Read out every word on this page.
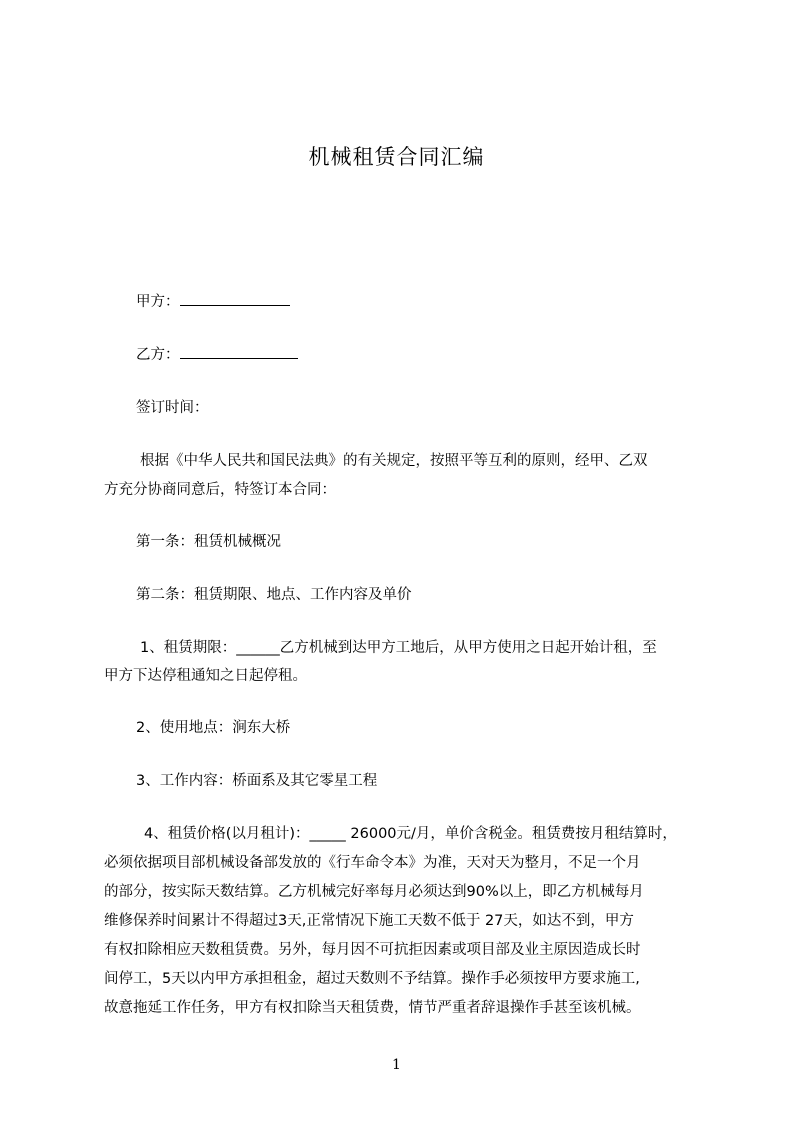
机械租赁合同汇编
甲方：
乙方：
签订时间：
根据《中华人民共和国民法典》的有关规定，按照平等互利的原则，经甲、乙双
方充分协商同意后，特签订本合同：
第一条：租赁机械概况
第二条：租赁期限、地点、工作内容及单价
1、租赁期限：______乙方机械到达甲方工地后，从甲方使用之日起开始计租，至
甲方下达停租通知之日起停租。
2、使用地点：涧东大桥
3、工作内容：桥面系及其它零星工程
4、租赁价格(以月租计)：_____ 26000元/月，单价含税金。租赁费按月租结算时，
必须依据项目部机械设备部发放的《行车命令本》为准，天对天为整月，不足一个月
的部分，按实际天数结算。乙方机械完好率每月必须达到90%以上，即乙方机械每月
维修保养时间累计不得超过3天,正常情况下施工天数不低于 27天，如达不到，甲方
有权扣除相应天数租赁费。另外，每月因不可抗拒因素或项目部及业主原因造成长时
间停工，5天以内甲方承担租金，超过天数则不予结算。操作手必须按甲方要求施工,
故意拖延工作任务，甲方有权扣除当天租赁费，情节严重者辞退操作手甚至该机械。
1
